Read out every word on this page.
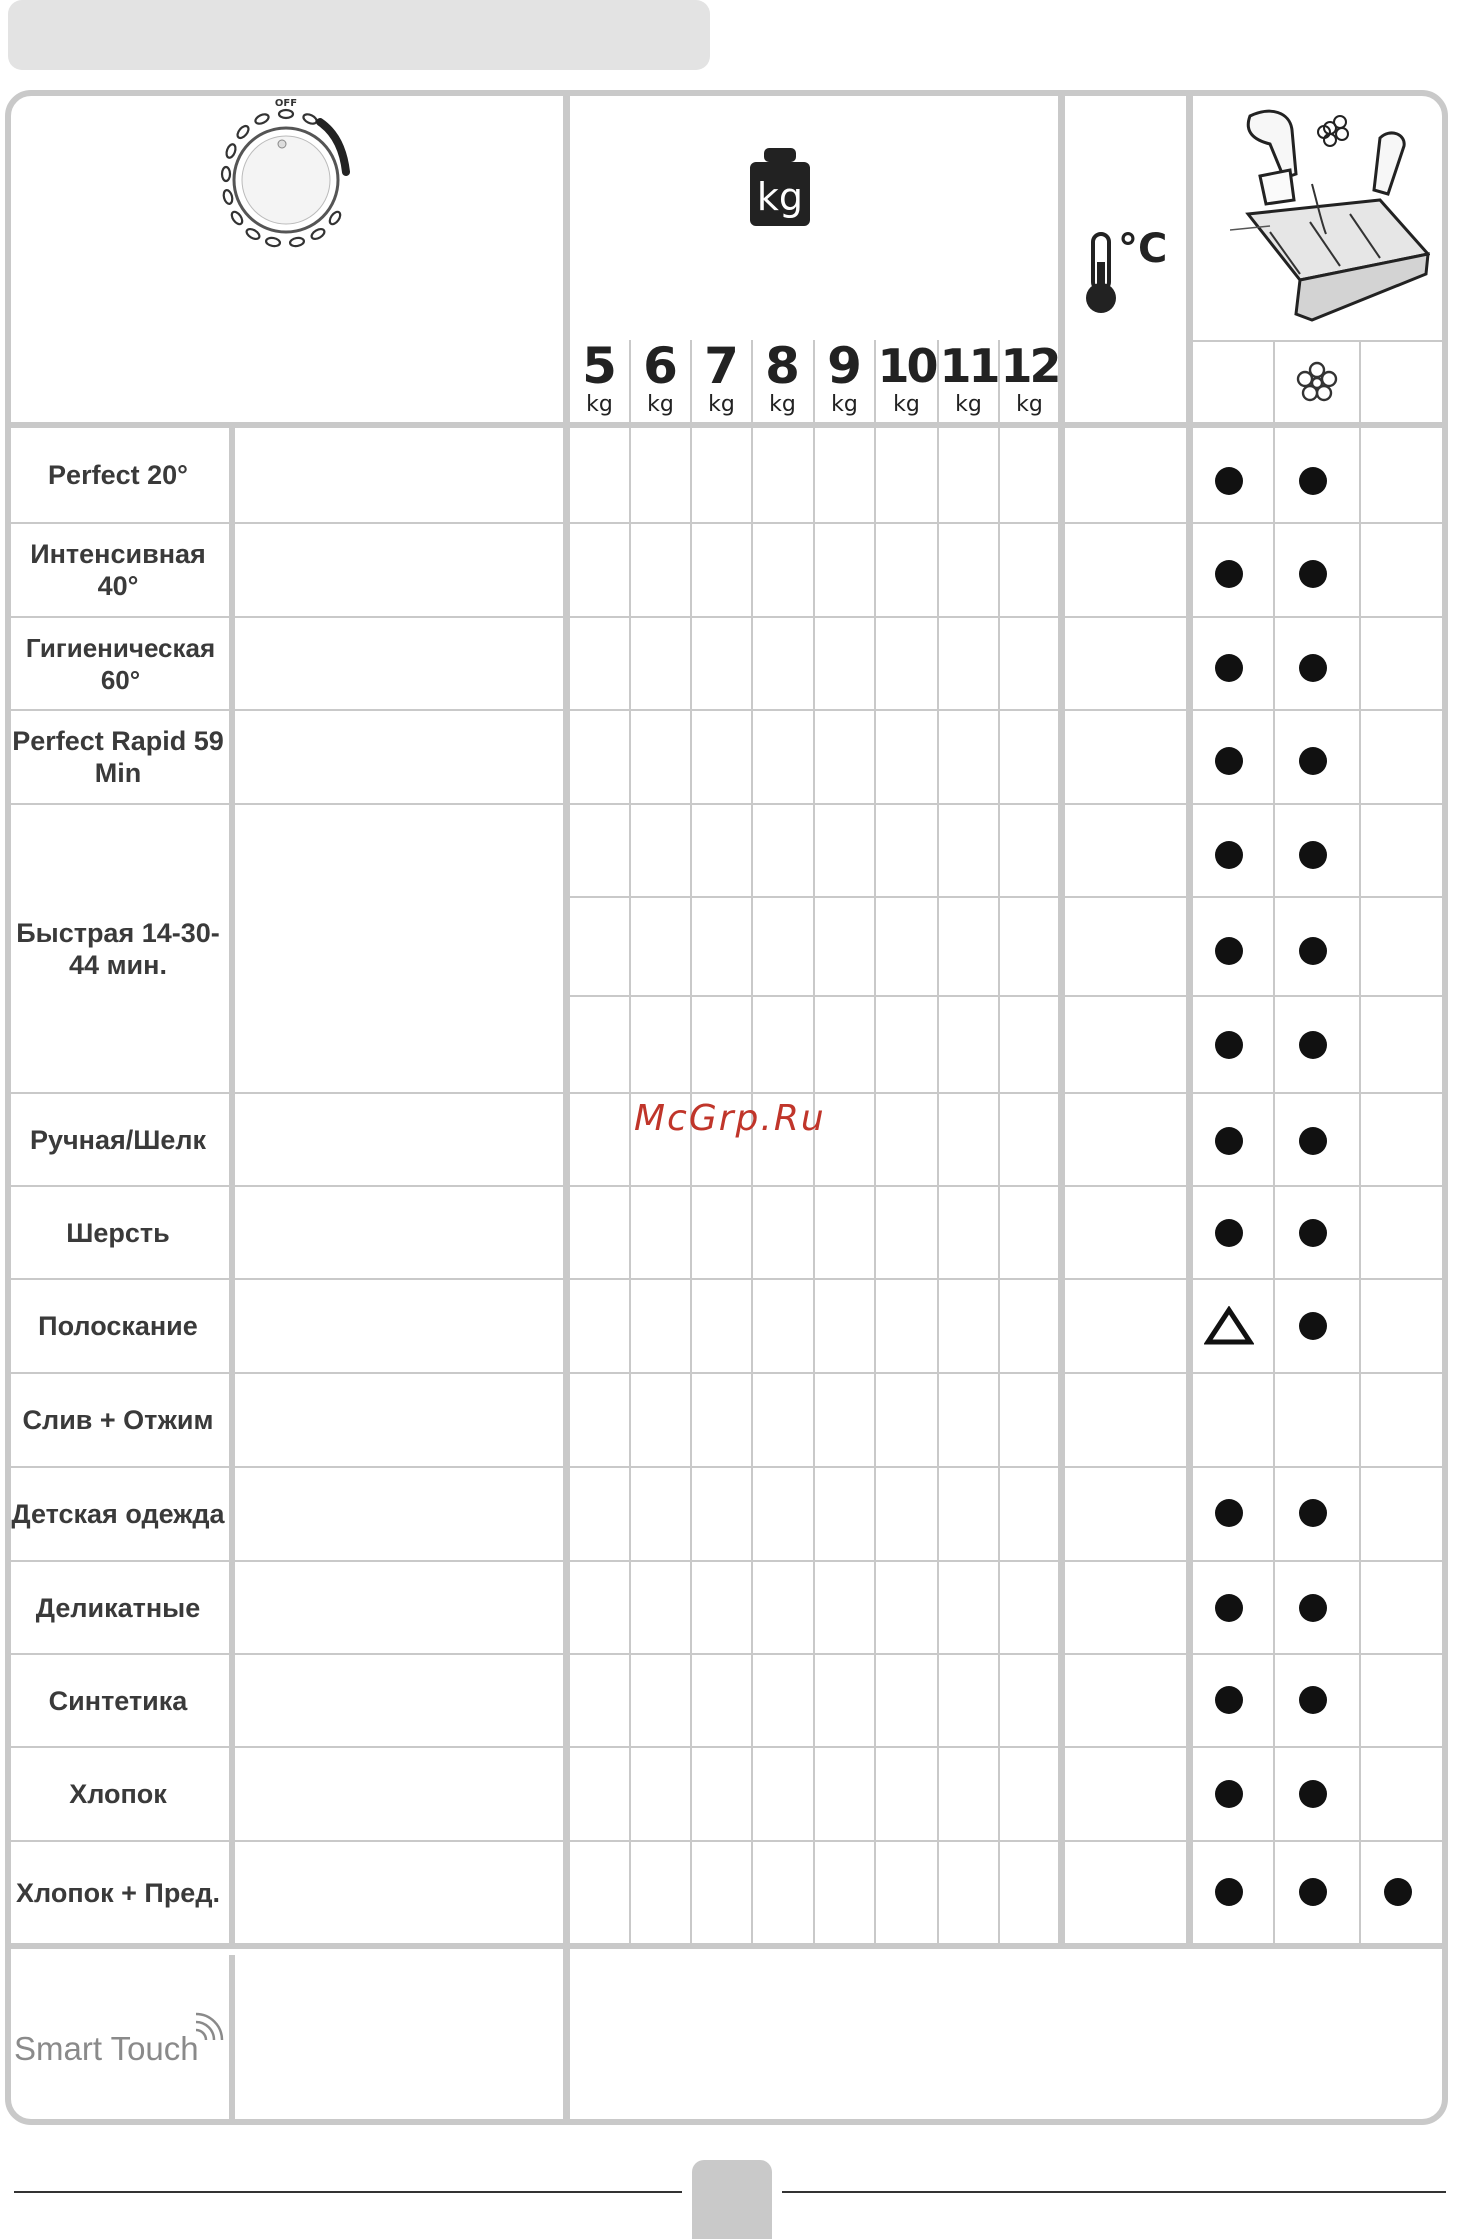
OFF
kg
5
kg
6
kg
7
kg
8
kg
9
kg
10
kg
11
kg
12
kg
°C
Perfect 20°
Интенсивная 40°
Гигиеническая 60°
Perfect Rapid 59 Min
Быстрая 14-30-44 мин.
Ручная/Шелк
Шерсть
Полоскание
Слив + Отжим
Детская одежда
Деликатные
Синтетика
Хлопок
Хлопок + Пред.
Smart Touch
McGrp.Ru
